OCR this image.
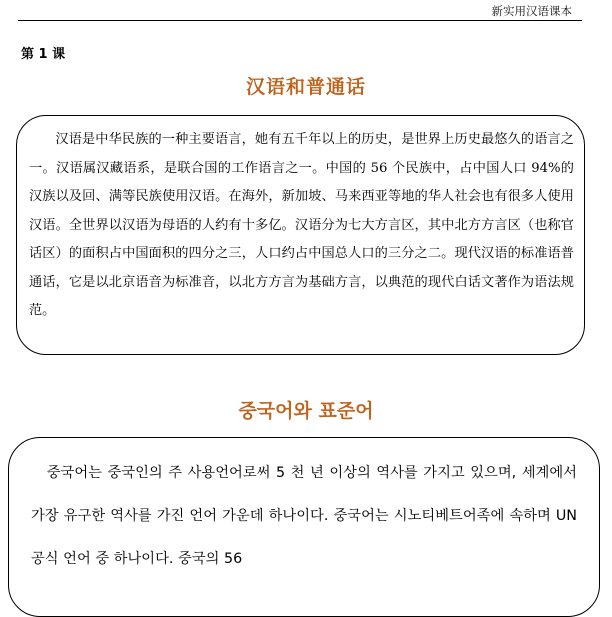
新实用汉语课本
第 1 课
汉语和普通话

汉语是中华民族的一种主要语言，她有五千年以上的历史，是世界上历史最悠久的语言之一。汉语属汉藏语系，是联合国的工作语言之一。中国的 56 个民族中，占中国人口 94%的汉族以及回、满等民族使用汉语。在海外，新加坡、马来西亚等地的华人社会也有很多人使用汉语。全世界以汉语为母语的人约有十多亿。汉语分为七大方言区，其中北方方言区（也称官话区）的面积占中国面积的四分之三，人口约占中国总人口的三分之二。现代汉语的标准语普通话，它是以北京语音为标准音，以北方方言为基础方言，以典范的现代白话文著作为语法规范。

중국어와 표준어

중국어는 중국인의 주 사용언어로써 5 천 년 이상의 역사를 가지고 있으며, 세계에서 가장 유구한 역사를 가진 언어 가운데 하나이다. 중국어는 시노티베트어족에 속하며 UN 공식 언어 중 하나이다. 중국의 56
